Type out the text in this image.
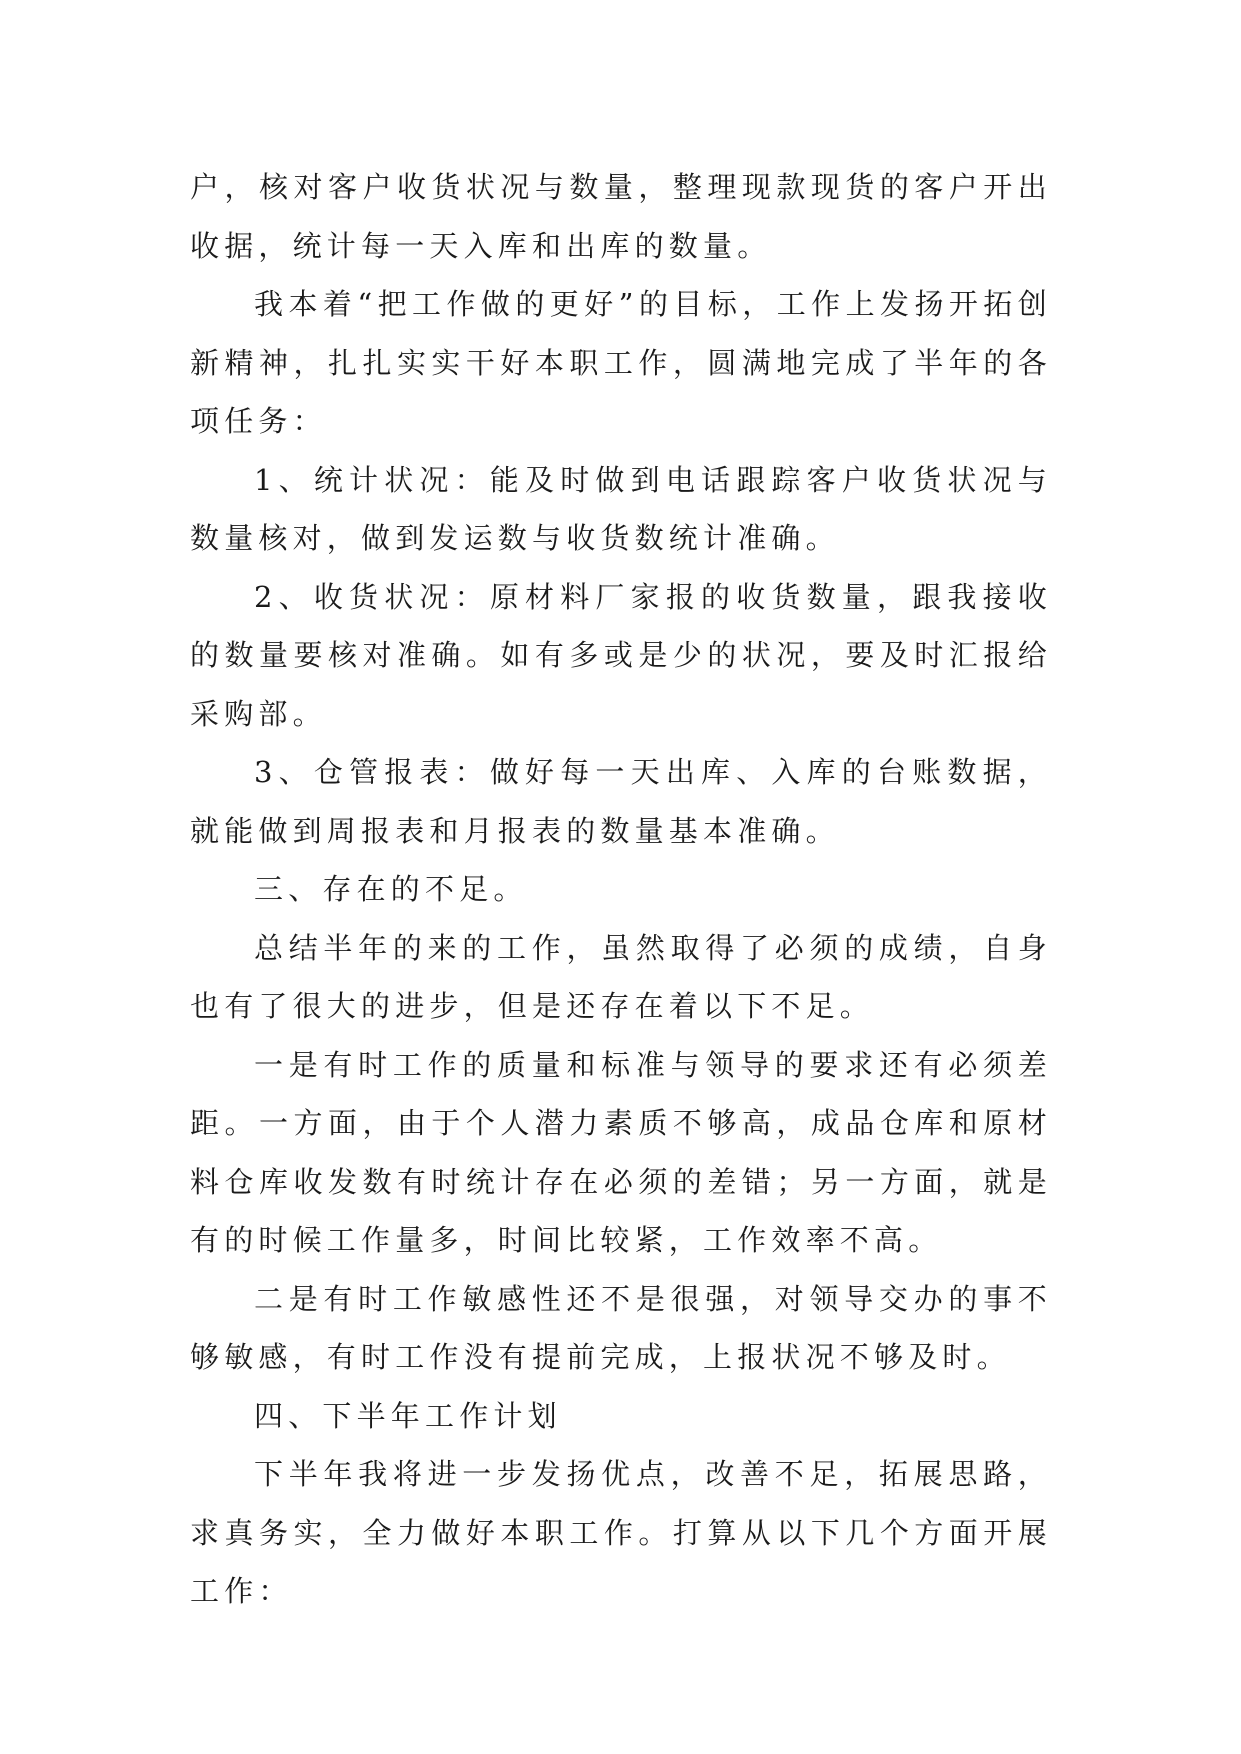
户，核对客户收货状况与数量，整理现款现货的客户开出收据，统计每一天入库和出库的数量。

我本着“把工作做的更好”的目标，工作上发扬开拓创新精神，扎扎实实干好本职工作，圆满地完成了半年的各项任务：

1、统计状况：能及时做到电话跟踪客户收货状况与数量核对，做到发运数与收货数统计准确。

2、收货状况：原材料厂家报的收货数量，跟我接收的数量要核对准确。如有多或是少的状况，要及时汇报给采购部。

3、仓管报表：做好每一天出库、入库的台账数据，就能做到周报表和月报表的数量基本准确。

三、存在的不足。

总结半年的来的工作，虽然取得了必须的成绩，自身也有了很大的进步，但是还存在着以下不足。

一是有时工作的质量和标准与领导的要求还有必须差距。一方面，由于个人潜力素质不够高，成品仓库和原材料仓库收发数有时统计存在必须的差错；另一方面，就是有的时候工作量多，时间比较紧，工作效率不高。

二是有时工作敏感性还不是很强，对领导交办的事不够敏感，有时工作没有提前完成，上报状况不够及时。

四、下半年工作计划

下半年我将进一步发扬优点，改善不足，拓展思路，求真务实，全力做好本职工作。打算从以下几个方面开展工作：
